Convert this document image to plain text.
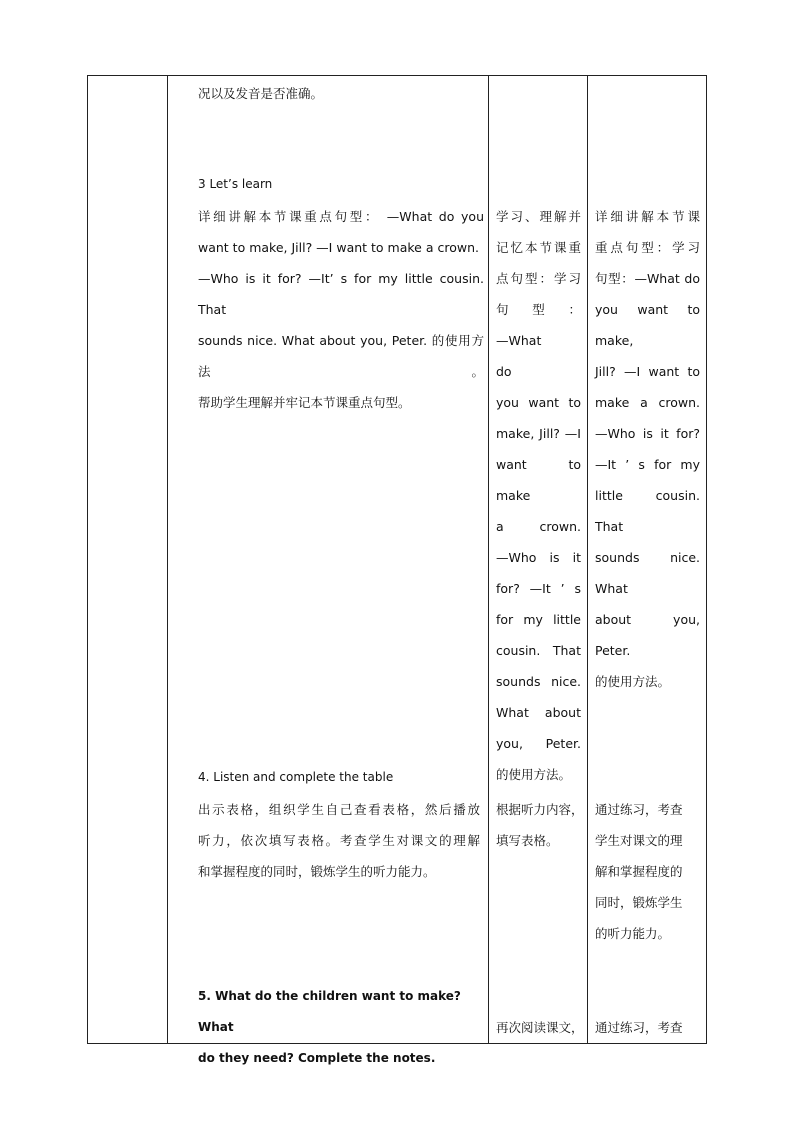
况以及发音是否准确。
3 Let’s learn
详细讲解本节课重点句型： —What do you
want to make, Jill? —I want to make a crown.
—Who is it for? —It’ s for my little cousin. That
sounds nice. What about you, Peter. 的使用方法。
帮助学生理解并牢记本节课重点句型。
4. Listen and complete the table
出示表格，组织学生自己查看表格，然后播放
听力，依次填写表格。考查学生对课文的理解
和掌握程度的同时，锻炼学生的听力能力。
5. What do the children want to make? What
do they need? Complete the notes.
学习、理解并
记忆本节课重
点句型：学习
句　型　：
—What　　do
you want to
make, Jill? —I
want to make
a　　crown.
—Who is it
for? —It ’ s
for my little
cousin. That
sounds nice.
What about
you, Peter.
的使用方法。
根据听力内容，
填写表格。
再次阅读课文，
详细讲解本节课
重点句型：学习
句型：—What do
you want to make,
Jill? —I want to
make a crown.
—Who is it for?
—It ’ s for my
little cousin. That
sounds nice. What
about you, Peter.
的使用方法。
通过练习，考查
学生对课文的理
解和掌握程度的
同时，锻炼学生
的听力能力。
通过练习，考查
